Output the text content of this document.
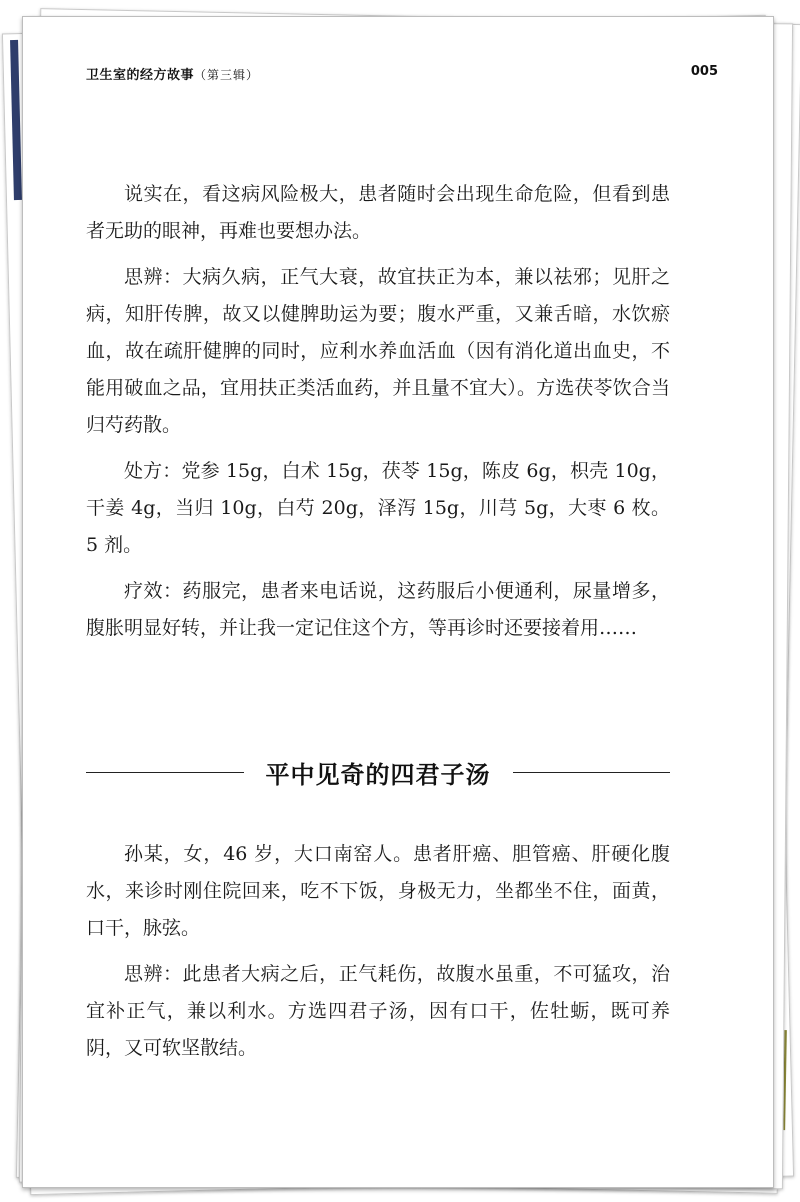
卫生室的经方故事（第三辑）	005

说实在，看这病风险极大，患者随时会出现生命危险，但看到患者无助的眼神，再难也要想办法。

思辨：大病久病，正气大衰，故宜扶正为本，兼以祛邪；见肝之病，知肝传脾，故又以健脾助运为要；腹水严重，又兼舌暗，水饮瘀血，故在疏肝健脾的同时，应利水养血活血（因有消化道出血史，不能用破血之品，宜用扶正类活血药，并且量不宜大）。方选茯苓饮合当归芍药散。

处方：党参 15g，白术 15g，茯苓 15g，陈皮 6g，枳壳 10g，干姜 4g，当归 10g，白芍 20g，泽泻 15g，川芎 5g，大枣 6 枚。5 剂。

疗效：药服完，患者来电话说，这药服后小便通利，尿量增多，腹胀明显好转，并让我一定记住这个方，等再诊时还要接着用……

平中见奇的四君子汤

孙某，女，46 岁，大口南窑人。患者肝癌、胆管癌、肝硬化腹水，来诊时刚住院回来，吃不下饭，身极无力，坐都坐不住，面黄，口干，脉弦。

思辨：此患者大病之后，正气耗伤，故腹水虽重，不可猛攻，治宜补正气，兼以利水。方选四君子汤，因有口干，佐牡蛎，既可养阴，又可软坚散结。
